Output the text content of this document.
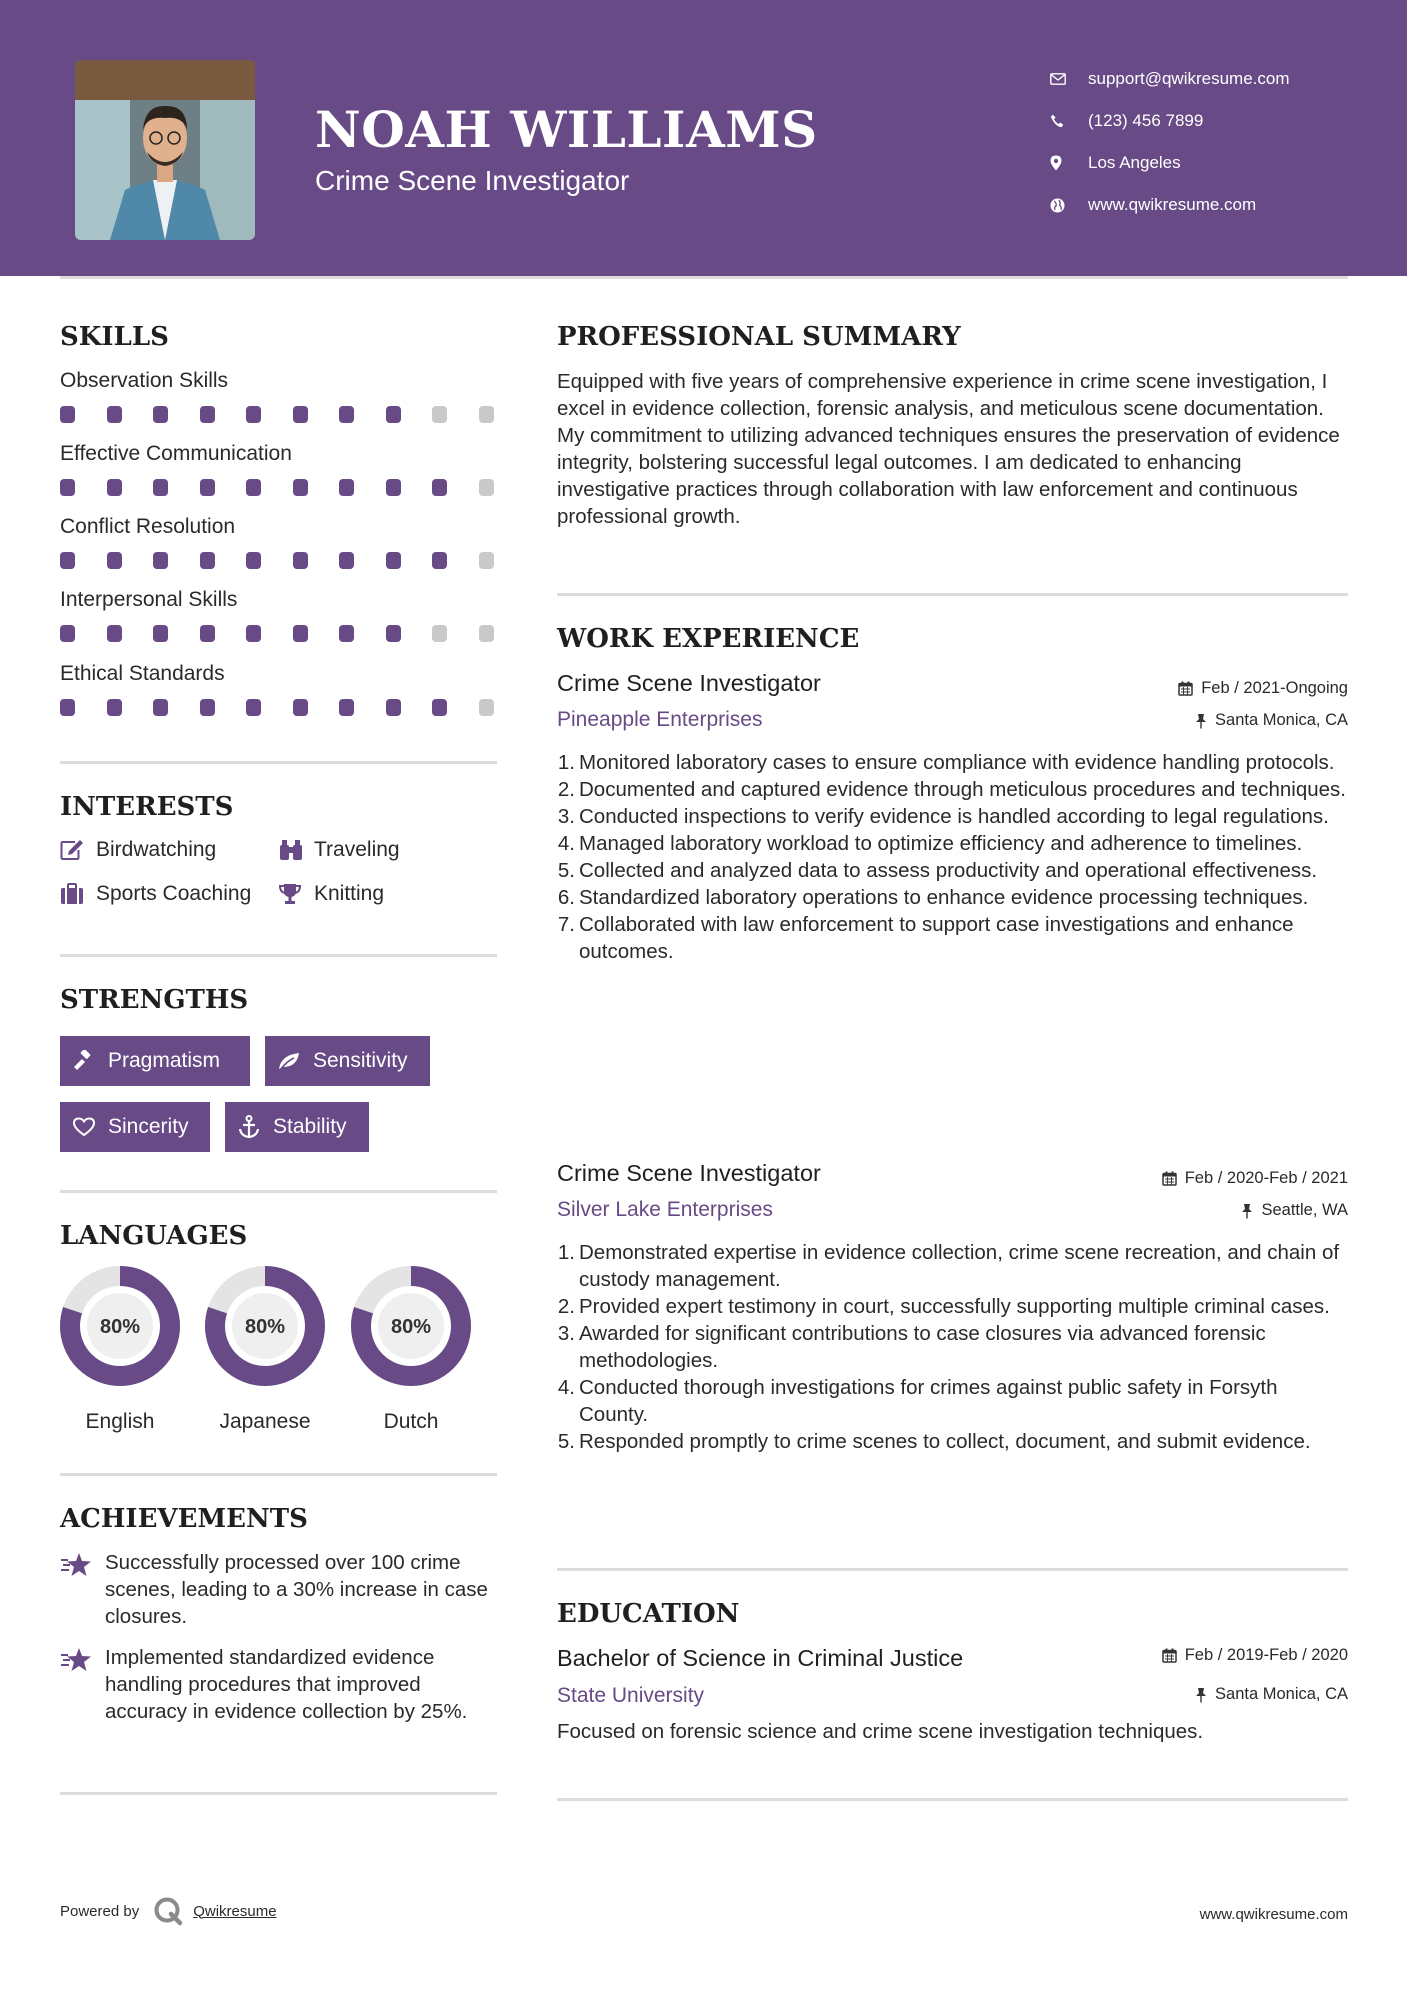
NOAH WILLIAMS
Crime Scene Investigator
support@qwikresume.com
(123) 456 7899
Los Angeles
www.qwikresume.com
SKILLS
Observation Skills
Effective Communication
Conflict Resolution
Interpersonal Skills
Ethical Standards
INTERESTS
Birdwatching	Traveling
Sports Coaching	Knitting
STRENGTHS
Pragmatism	Sensitivity
Sincerity	Stability
LANGUAGES
80%
English
80%
Japanese
80%
Dutch
ACHIEVEMENTS
Successfully processed over 100 crime scenes, leading to a 30% increase in case closures.
Implemented standardized evidence handling procedures that improved accuracy in evidence collection by 25%.
PROFESSIONAL SUMMARY
Equipped with five years of comprehensive experience in crime scene investigation, I excel in evidence collection, forensic analysis, and meticulous scene documentation. My commitment to utilizing advanced techniques ensures the preservation of evidence integrity, bolstering successful legal outcomes. I am dedicated to enhancing investigative practices through collaboration with law enforcement and continuous professional growth.
WORK EXPERIENCE
Crime Scene Investigator	Feb / 2021-Ongoing
Pineapple Enterprises	Santa Monica, CA
1. Monitored laboratory cases to ensure compliance with evidence handling protocols.
2. Documented and captured evidence through meticulous procedures and techniques.
3. Conducted inspections to verify evidence is handled according to legal regulations.
4. Managed laboratory workload to optimize efficiency and adherence to timelines.
5. Collected and analyzed data to assess productivity and operational effectiveness.
6. Standardized laboratory operations to enhance evidence processing techniques.
7. Collaborated with law enforcement to support case investigations and enhance outcomes.
Crime Scene Investigator	Feb / 2020-Feb / 2021
Silver Lake Enterprises	Seattle, WA
1. Demonstrated expertise in evidence collection, crime scene recreation, and chain of custody management.
2. Provided expert testimony in court, successfully supporting multiple criminal cases.
3. Awarded for significant contributions to case closures via advanced forensic methodologies.
4. Conducted thorough investigations for crimes against public safety in Forsyth County.
5. Responded promptly to crime scenes to collect, document, and submit evidence.
EDUCATION
Bachelor of Science in Criminal Justice	Feb / 2019-Feb / 2020
State University	Santa Monica, CA
Focused on forensic science and crime scene investigation techniques.
Powered by	Qwikresume	www.qwikresume.com
